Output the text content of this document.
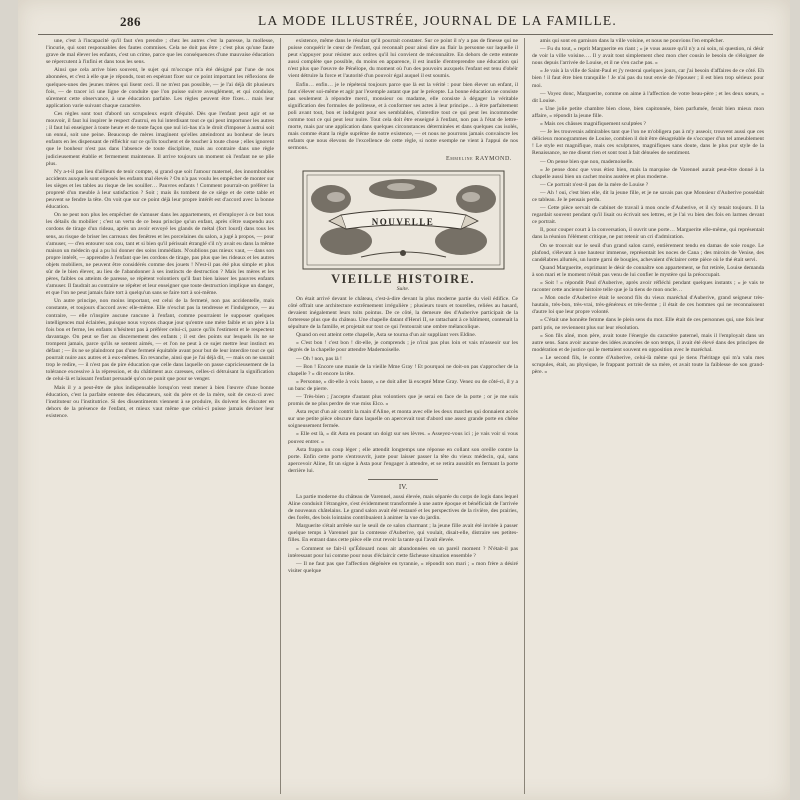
286	LA MODE ILLUSTRÉE, JOURNAL DE LA FAMILLE.

une, c'est à l'incapacité qu'il faut s'en prendre ; chez les autres c'est la paresse, la mollesse, l'incurie, qui sont responsables des fautes commises. Cela ne doit pas être ; c'est plus qu'une faute grave de mal élever les enfants, c'est un crime, parce que les conséquences d'une mauvaise éducation se répercutent à l'infini et dans tous les sens.

Ainsi que cela arrive bien souvent, le sujet qui m'occupe m'a été désigné par l'une de nos abonnées, et c'est à elle que je réponds, tout en espérant fixer sur ce point important les réflexions de quelques-unes des jeunes mères qui lisent ceci. Il ne m'est pas possible, — je l'ai déjà dit plusieurs fois, — de tracer ici une ligne de conduite que l'on puisse suivre aveuglément, et qui conduise, sûrement cette observance, à une éducation parfaite. Les règles peuvent être fixes… mais leur application varie suivant chaque caractère.

Ces règles sont tout d'abord un scrupuleux esprit d'équité. Dès que l'enfant peut agir et se mouvoir, il faut lui inspirer le respect d'autrui, en lui interdisant tout ce qui peut importuner les autres ; il faut lui enseigner à toute heure et de toute façon que nul ici-bas n'a le droit d'imposer à autrui soit un ennui, soit une peine. Beaucoup de mères imaginent qu'elles atteindront au bonheur de leurs enfants en les dispensant de réfléchir sur ce qu'ils touchent et de toucher à toute chose ; elles ignorent que le bonheur n'est pas dans l'absence de toute discipline, mais au contraire dans une règle judicieusement établie et fermement maintenue. Il arrive toujours un moment où l'enfant ne se plie plus.

N'y a-t-il pas lieu d'ailleurs de tenir compte, si grand que soit l'amour maternel, des innombrables accidents auxquels sont exposés les enfants mal élevés ? On n'a pas voulu les empêcher de monter sur les sièges et les tables au risque de les souiller… Pauvres enfants ! Comment pourrait-on préférer la propreté d'un meuble à leur satisfaction ? Soit ; mais ils tombent de ce siège et de cette table et peuvent se fendre la tête. On voit que sur ce point déjà leur propre intérêt est d'accord avec la bonne éducation.

On ne peut non plus les empêcher de s'amuser dans les appartements, et d'employer à ce but tous les détails du mobilier ; c'est un vertu de ce beau principe qu'un enfant, après s'être suspendu aux cordons de tirage d'un rideau, après un avoir envoyé les glands de métal (fort lourd) dans tous les sens, au risque de briser les carreaux des fenêtres et les porcelaines du salon, a jugé à propos, — pour s'amuser, — d'en entourer son cou, tant et si bien qu'il périssait étranglé s'il n'y avait eu dans la même maison un médecin qui a pu lui donner des soins immédiats. N'oublions pas mieux vaut, — dans son propre intérêt, — apprendre à l'enfant que les cordons de tirage, pas plus que les rideaux et les autres objets mobiliers, ne peuvent être considérés comme des jouets ! N'est-il pas été plus simple et plus sûr de le bien élever, au lieu de l'abandonner à ses instincts de destruction ? Mais les mères et les pères, faibles ou atteints de paresse, se répètent volontiers qu'il faut bien laisser les pauvres enfants s'amuser. Il faudrait au contraire se répéter et leur enseigner que toute destruction implique un danger, et que l'on ne peut jamais faire tort à quelqu'un sans se faire tort à soi-même.

Un autre principe, non moins important, est celui de la fermeté, non pas accidentelle, mais constante, et toujours d'accord avec elle-même. Elle n'exclut pas la tendresse et l'indulgence, — au contraire, — elle n'inspire aucune rancune à l'enfant, comme pourraient le supposer quelques intelligences mal éclairées, puisque nous voyons chaque jour qu'entre une mère faible et un père à la fois bon et ferme, les enfants n'hésitent pas à préférer celui-ci, parce qu'ils l'estiment et le respectent davantage. On peut se fier au discernement des enfants ; il est des points sur lesquels ils ne se trompent jamais, parce qu'ils se sentent aimés, — et l'on ne peut à ce sujet mettre leur instinct en défaut ; — ils ne se plaindront pas d'une fermeté équitable avant pour but de leur interdire tout ce qui pourrait nuire aux autres et à eux-mêmes. En revanche, ainsi que je l'ai déjà dit, — mais on ne saurait trop le redire, — il n'est pas de pire éducation que celle dans laquelle on passe capricieusement de la tolérance excessive à la répression, et du châtiment aux caresses, celles-ci détruisant la signification de celui-là et laissant l'enfant persuadé qu'on ne punit que pour se venger.

Mais il y a peut-être de plus indispensable lorsqu'on veut mener à bien l'œuvre d'une bonne éducation, c'est la parfaite entente des éducateurs, soit du père et de la mère, soit de ceux-ci avec l'instituteur ou l'institutrice. Si des dissentiments viennent à se produire, ils doivent les discuter en dehors de la présence de l'enfant, et mieux vaut même que celui-ci puisse jamais deviner leur existence.

existence, même dans le résultat qu'il pourrait constater. Sur ce point il n'y a pas de finesse qui ne puisse conquérir le cœur de l'enfant, qui reconnaît pour ainsi dire au flair la personne sur laquelle il peut s'appuyer pour résister aux ordres qu'il lui convient de méconnaître. En dehors de cette entente aussi complète que possible, du moins en apparence, il est inutile d'entreprendre une éducation qui n'est plus que l'œuvre de Pénélope, du moment où l'un des pouvoirs auxquels l'enfant est tenu d'obéir vient détruire la force et l'autorité d'un pouvoir égal auquel il est soumis.

Enfin… enfin… je le répéterai toujours parce que là est la vérité : pour bien élever un enfant, il faut s'élever soi-même et agir par l'exemple autant que par le précepte. La bonne éducation ne consiste pas seulement à répondre merci, monsieur ou madame, elle consiste à dégager la véritable signification des formules de politesse, et à conformer ses actes à leur principe… à être parfaitement poli avant tout, bon et indulgent pour ses semblables, s'interdire tout ce qui peut les incommoder comme tout ce qui peut leur nuire. Tout cela doit être enseigné à l'enfant, non pas à l'état de lettre-morte, mais par une application dans quelques circonstances déterminées et dans quelques cas isolés, mais comme étant la règle suprême de notre existence, — et nous ne pourrons jamais convaincre les enfants que nous élevons de l'excellence de cette règle, si notre exemple ne vient à l'appui de nos sermons.

Emmeline RAYMOND.
NOUVELLE
VIEILLE HISTOIRE.
Suite.

On était arrivé devant le château, c'est-à-dire devant la plus moderne partie du vieil édifice. Ce côté offrait une architecture extrêmement irrégulière ; plusieurs tours et tourelles, reliées au hasard, devaient inégalement leurs toits pointus. De ce côté, la demeure des d'Auberive participait de la forteresse plus que du château. Une chapelle datant d'Henri II, se rattachant à ce bâtiment, contenait la sépulture de la famille, et projetait sur tout ce qui l'entourait une ombre mélancolique.

Quand on eut atteint cette chapelle, Asta se tourna d'un air suppliant vers Eldine.

« C'est bon ! c'est bon ! dit-elle, je comprends ; je n'irai pas plus loin et vais m'asseoir sur les degrés de la chapelle pour attendre Mademoiselle.

— Oh ! non, pas là !

— Bon ! Encore une manie de la vieille Mme Gray ! Et pourquoi ne doit-on pas s'approcher de la chapelle ? » dit encore la tête.

« Personne, » dit-elle à voix basse, « ne doit aller là excepté Mme Gray. Venez ou de côté-ci, il y a un banc de pierre.

— Très-bien ; j'accepte d'autant plus volontiers que je serai en face de la porte ; or je me suis promis de ne plus perdre de vue miss Elco. »

Asta reçut d'un air contrit la main d'Aline, et monta avec elle les deux marches qui donnaient accès sur une petite pièce obscure dans laquelle on apercevait tout d'abord une assez grande porte en chêne soigneusement fermée.

« Elle est là, » dit Asta en posant un doigt sur ses lèvres. « Asseyez-vous ici ; je vais voir si vous pouvez entrer. »

Asta frappa un coup léger ; elle attendit longtemps une réponse en collant son oreille contre la porte. Enfin cette porte s'entrouvrit, juste pour laisser passer la tête du vieux médecin, qui, sans apercevoir Aline, fit un signe à Asta pour l'engager à attendre, et se retira aussitôt en fermant la porte derrière lui.

IV.

La partie moderne du château de Varennel, aussi élevée, mais séparée du corps de logis dans lequel Aline conduisit l'étrangère, s'est évidemment transformée à une autre époque et bénéficiait de l'arrivée de nouveaux châtelains. Le grand salon avait été restauré et les perspectives de la rivière, des prairies, des forêts, des bois lointains contribuaient à animer la vue du jardin.

Marguerite s'était arrêtée sur le seuil de ce salon charmant ; la jeune fille avait été invitée à passer quelque temps à Varennel par la comtesse d'Auberive, qui voulait, disait-elle, distraire ses petites-filles. En entrant dans cette pièce elle crut revoir la tante qui l'avait élevée.

« Comment se fait-il qu'Édouard nous ait abandonnées en un pareil moment ? N'était-il pas intéressant pour lui comme pour nous d'éclaircir cette fâcheuse situation ensemble ?

— Il ne faut pas que l'affection dégénère en tyrannie, » répondit son mari ; « mon frère a désiré visiter quelque

amis qui sont en garnison dans la ville voisine, et nous ne pouvions l'en empêcher.

— Fu du tout, » reprit Marguerite en riant ; « je vous assure qu'il n'y a ni soin, ni question, ni désir de voir la ville voisine…. Il y avait tout simplement chez mon cher cousin le besoin de s'éloigner de nous depuis l'arrivée de Louise, et il ne s'en cache pas. »

« Je vais à la ville de Saint-Paul et j'y resterai quelques jours, car j'ai besoin d'affaires de ce côté. Eh bien ! il faut être bien tranquille ! Je n'ai pas du tout envie de l'épouser ; il est bien trop sérieux pour moi.

— Voyez donc, Marguerite, comme on aime à l'affection de votre beau-père ; et les deux sœurs, » dit Louise.

« Une jolie petite chambre bien close, bien capitonnée, bien parfumée, ferait bien mieux mon affaire, » répondit la jeune fille.

« Mais ces châsses magnifiquement sculptées ?

— Je les trouverais admirables tant que l'on ne m'obligera pas à m'y asseoir, trouvent aussi que ces délicieux monogrammes de Louise, combien il doit être désagréable de s'occuper d'un tel ameublement ! Le style est magnifique, mais ces sculptures, magnifiques sans doute, dans le plus pur style de la Renaissance, ne me disent rien et sont tout à fait dénuées de sentiment.

— On pense bien que non, mademoiselle.

« Je pense donc que vous étiez bien, mais la marquise de Varennel aurait peut-être donné à la chapelle aussi bien un cachet moins austère et plus moderne.

— Ce portrait n'est-il pas de la mère de Louise ?

— Ah ! oui, c'est bien elle, dit la jeune fille, et je ne savais pas que Monsieur d'Auberive possédait ce tableau. Je le pensais perdu.

— Cette pièce servait de cabinet de travail à mon oncle d'Auberive, et il s'y tenait toujours. Il la regardait souvent pendant qu'il lisait ou écrivait ses lettres, et je l'ai vu bien des fois en larmes devant ce portrait.

Il, pour couper court à la conversation, il ouvrit une porte… Marguerite elle-même, qui représentait dans la réunion l'élément critique, ne put retenir un cri d'admiration.

On se trouvait sur le seuil d'un grand salon carré, entièrement tendu en damas de soie rouge. Le plafond, s'élevant à une hauteur immense, représentait les noces de Cana ; des miroirs de Venise, des candélabres allumés, un lustre garni de bougies, achevaient d'éclairer cette pièce où le thé était servi.

Quand Marguerite, exprimant le désir de connaître son appartement, se fut retirée, Louise demanda à son mari et le moment n'était pas venu de lui confier le mystère qui la préoccupait.

« Soit ! » répondit Paul d'Auberive, après avoir réfléchi pendant quelques instants ; « je vais te raconter cette ancienne histoire telle que je la tiens de mon oncle…

« Mon oncle d'Auberive était le second fils du vieux maréchal d'Auberive, grand seigneur très-hautain, très-bon, très-vrai, très-généreux et très-ferme ; il était de ces hommes qui ne reconnaissent d'autre loi que leur propre volonté.

« C'était une honnête femme dans le plein sens du mot. Elle était de ces personnes qui, une fois leur parti pris, ne reviennent plus sur leur résolution.

« Son fils aîné, mon père, avait toute l'énergie du caractère paternel, mais il l'employait dans un autre sens. Sans avoir aucune des idées avancées de son temps, il avait été élevé dans des principes de modération et de justice qui le mettaient souvent en opposition avec le maréchal.

« Le second fils, le comte d'Auberive, celui-là même qui je tiens l'héritage qui m'a valu mes scrupules, était, au physique, le frappant portrait de sa mère, et avait toute la faiblesse de son grand-père. »
